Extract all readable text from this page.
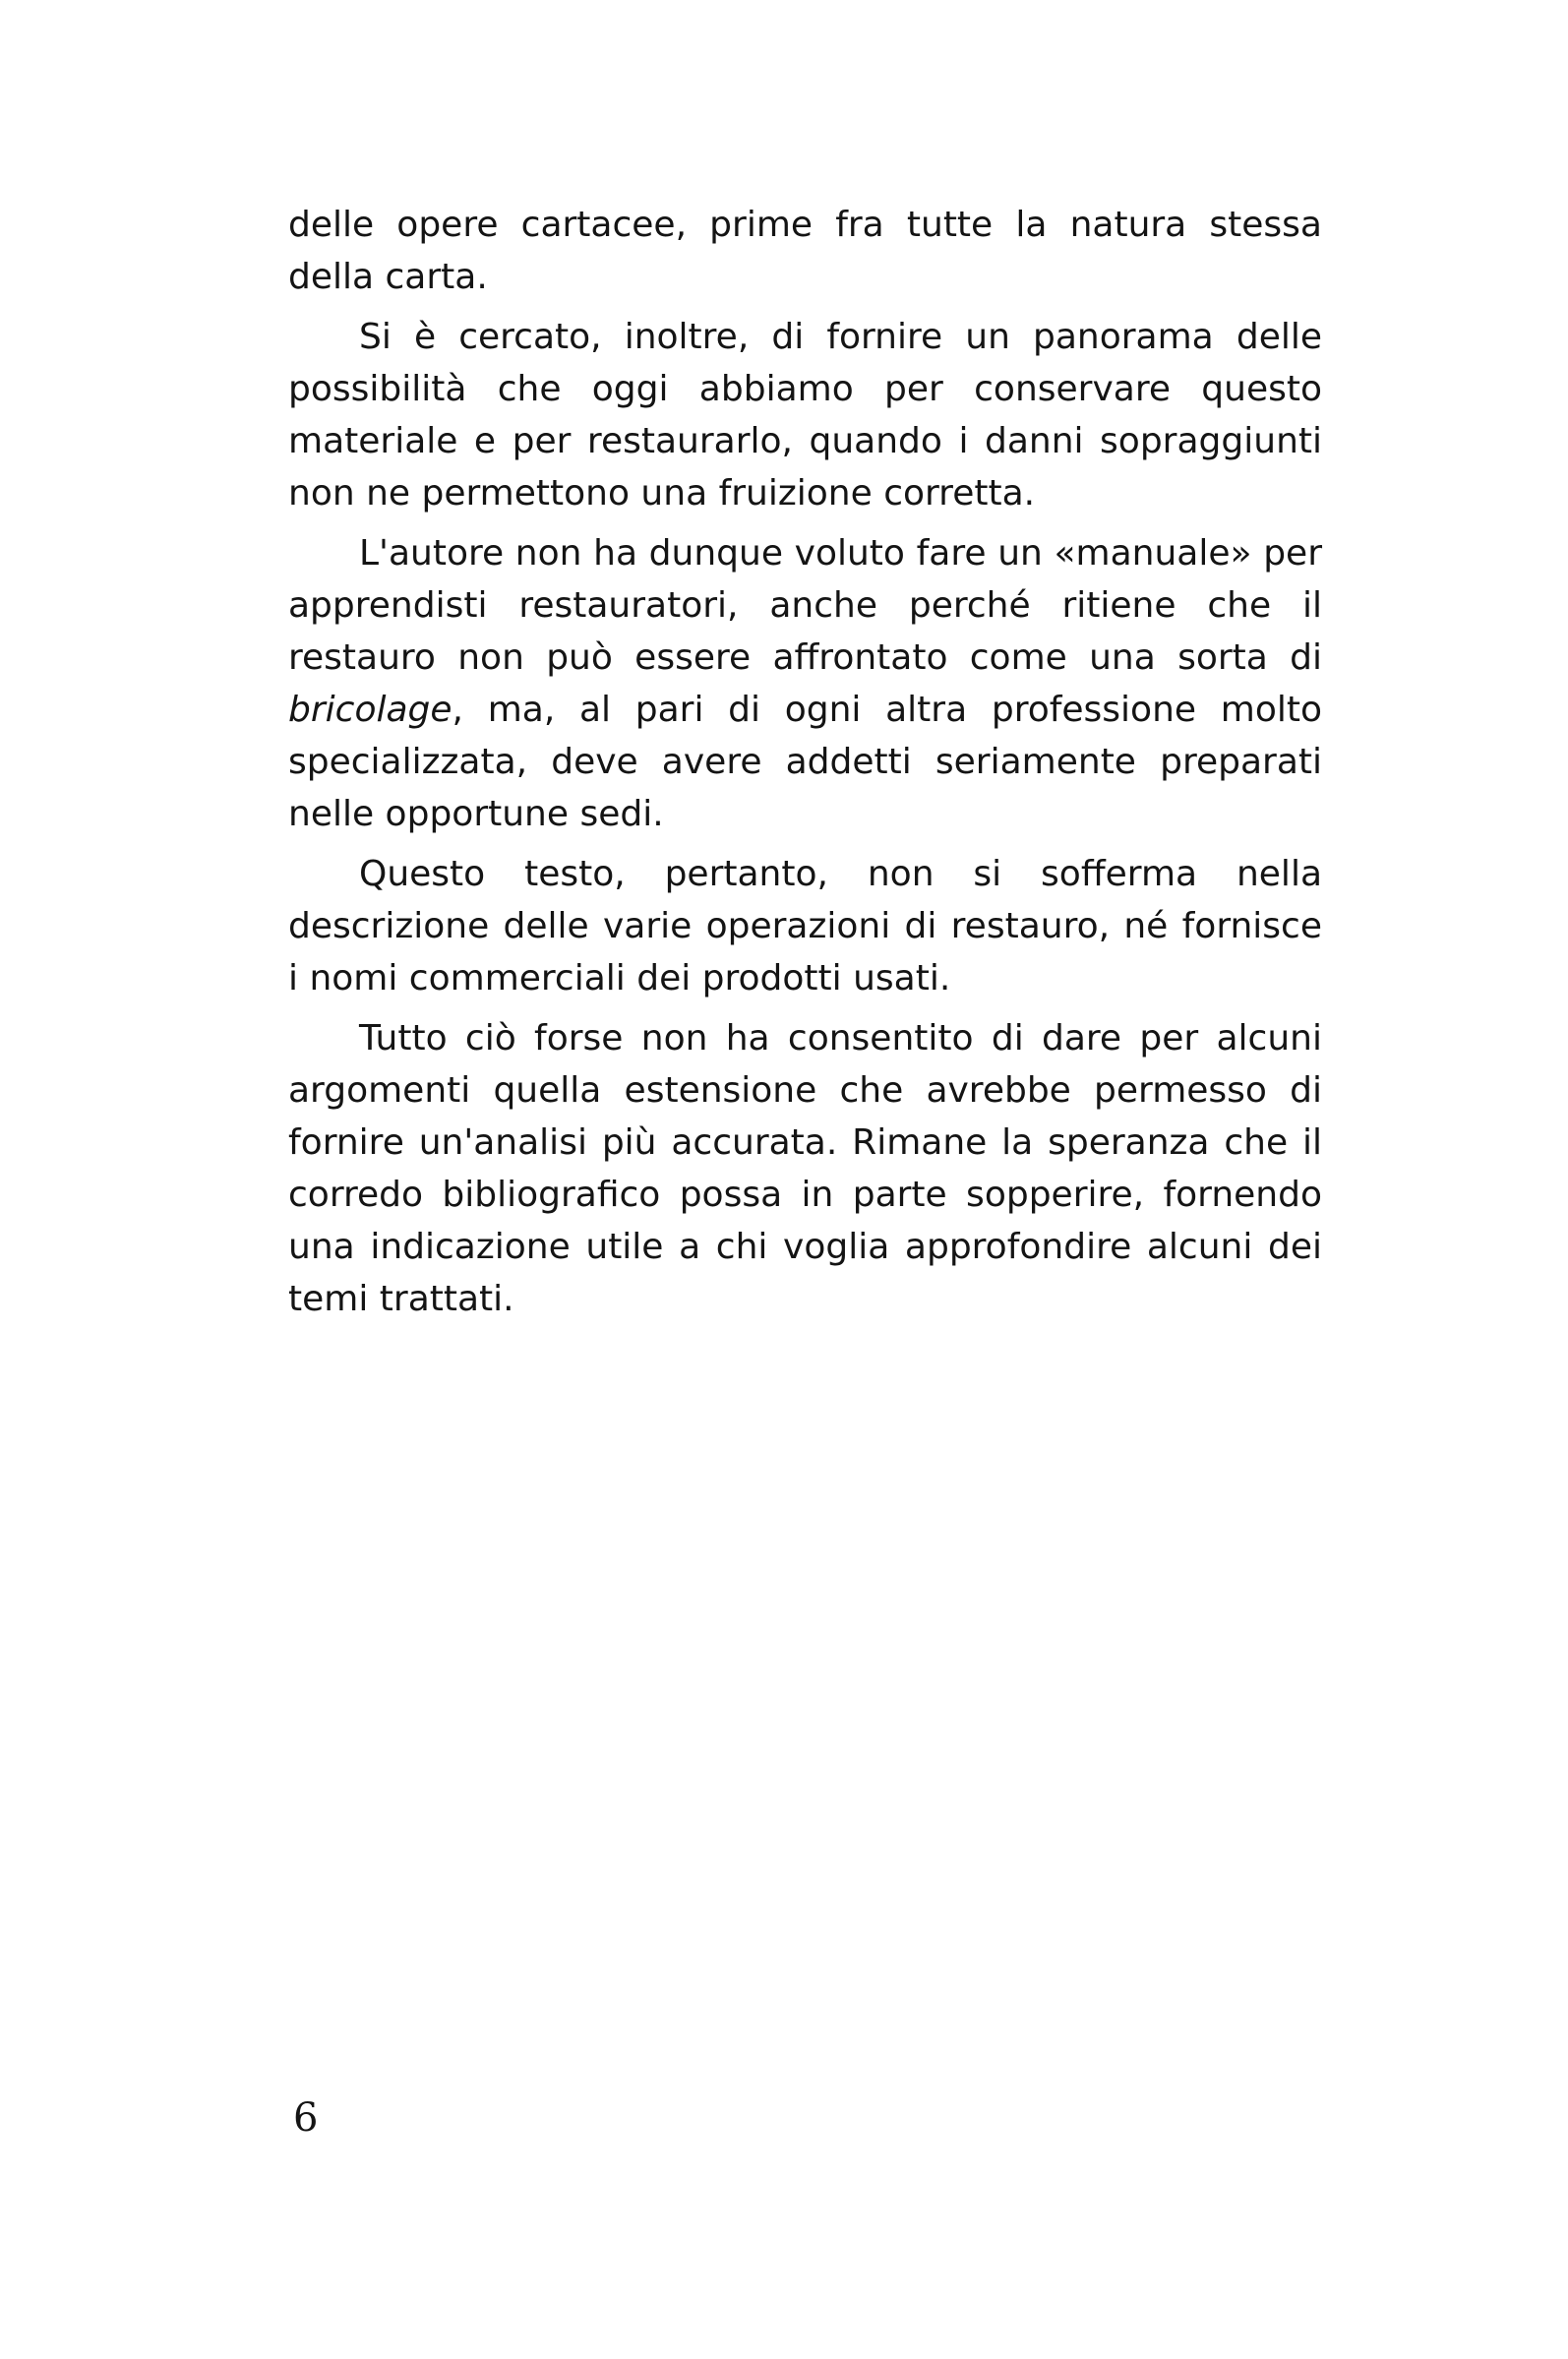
delle opere cartacee, prime fra tutte la natura stessa della carta.

Si è cercato, inoltre, di fornire un panorama delle possibilità che oggi abbiamo per conservare questo materiale e per restaurarlo, quando i danni sopraggiunti non ne permettono una fruizione corretta.

L'autore non ha dunque voluto fare un «manuale» per apprendisti restauratori, anche perché ritiene che il restauro non può essere affrontato come una sorta di bricolage, ma, al pari di ogni altra professione molto specializzata, deve avere addetti seriamente preparati nelle opportune sedi.

Questo testo, pertanto, non si sofferma nella descrizione delle varie operazioni di restauro, né fornisce i nomi commerciali dei prodotti usati.

Tutto ciò forse non ha consentito di dare per alcuni argomenti quella estensione che avrebbe permesso di fornire un'analisi più accurata. Rimane la speranza che il corredo bibliografico possa in parte sopperire, fornendo una indicazione utile a chi voglia approfondire alcuni dei temi trattati.

6
